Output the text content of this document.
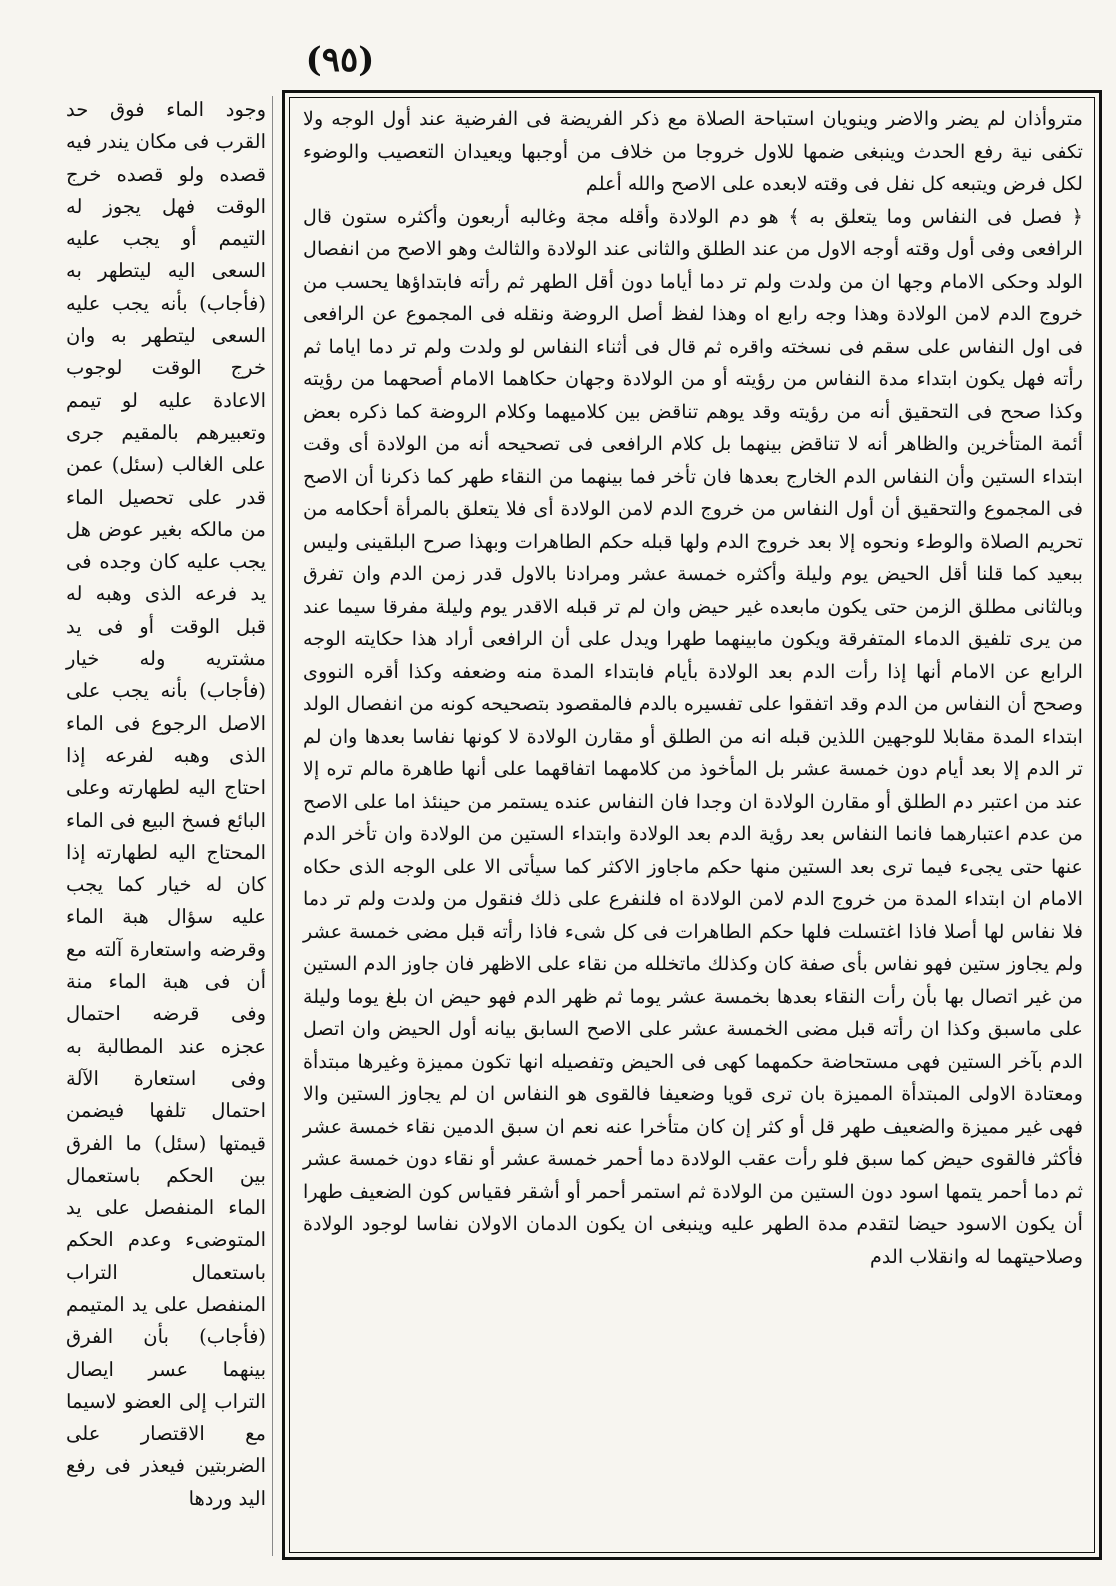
(٩٥)

متروأذان لم يضر والاضر وينويان استباحة الصلاة مع ذكر الفريضة فى الفرضية عند أول الوجه ولا تكفى نية رفع الحدث وينبغى ضمها للاول خروجا من خلاف من أوجبها ويعيدان التعصيب والوضوء لكل فرض ويتبعه كل نفل فى وقته لابعده على الاصح والله أعلم

﴿ فصل فى النفاس وما يتعلق به ﴾ هو دم الولادة وأقله مجة وغالبه أربعون وأكثره ستون قال الرافعى وفى أول وقته أوجه الاول من عند الطلق والثانى عند الولادة والثالث وهو الاصح من انفصال الولد وحكى الامام وجها ان من ولدت ولم تر دما أياما دون أقل الطهر ثم رأته فابتداؤها يحسب من خروج الدم لامن الولادة وهذا وجه رابع اه وهذا لفظ أصل الروضة ونقله فى المجموع عن الرافعى فى اول النفاس على سقم فى نسخته واقره ثم قال فى أثناء النفاس لو ولدت ولم تر دما اياما ثم رأته فهل يكون ابتداء مدة النفاس من رؤيته أو من الولادة وجهان حكاهما الامام أصحهما من رؤيته وكذا صحح فى التحقيق أنه من رؤيته وقد يوهم تناقض بين كلاميهما وكلام الروضة كما ذكره بعض أئمة المتأخرين والظاهر أنه لا تناقض بينهما بل كلام الرافعى فى تصحيحه أنه من الولادة أى وقت ابتداء الستين وأن النفاس الدم الخارج بعدها فان تأخر فما بينهما من النقاء طهر كما ذكرنا أن الاصح فى المجموع والتحقيق أن أول النفاس من خروج الدم لامن الولادة أى فلا يتعلق بالمرأة أحكامه من تحريم الصلاة والوطء ونحوه إلا بعد خروج الدم ولها قبله حكم الطاهرات وبهذا صرح البلقينى وليس ببعيد كما قلنا أقل الحيض يوم وليلة وأكثره خمسة عشر ومرادنا بالاول قدر زمن الدم وان تفرق وبالثانى مطلق الزمن حتى يكون مابعده غير حيض وان لم تر قبله الاقدر يوم وليلة مفرقا سيما عند من يرى تلفيق الدماء المتفرقة ويكون مابينهما طهرا ويدل على أن الرافعى أراد هذا حكايته الوجه الرابع عن الامام أنها إذا رأت الدم بعد الولادة بأيام فابتداء المدة منه وضعفه وكذا أقره النووى وصحح أن النفاس من الدم وقد اتفقوا على تفسيره بالدم فالمقصود بتصحيحه كونه من انفصال الولد ابتداء المدة مقابلا للوجهين اللذين قبله انه من الطلق أو مقارن الولادة لا كونها نفاسا بعدها وان لم تر الدم إلا بعد أيام دون خمسة عشر بل المأخوذ من كلامهما اتفاقهما على أنها طاهرة مالم تره إلا عند من اعتبر دم الطلق أو مقارن الولادة ان وجدا فان النفاس عنده يستمر من حينئذ اما على الاصح من عدم اعتبارهما فانما النفاس بعد رؤية الدم بعد الولادة وابتداء الستين من الولادة وان تأخر الدم عنها حتى يجىء فيما ترى بعد الستين منها حكم ماجاوز الاكثر كما سيأتى الا على الوجه الذى حكاه الامام ان ابتداء المدة من خروج الدم لامن الولادة اه فلنفرع على ذلك فنقول من ولدت ولم تر دما فلا نفاس لها أصلا فاذا اغتسلت فلها حكم الطاهرات فى كل شىء فاذا رأته قبل مضى خمسة عشر ولم يجاوز ستين فهو نفاس بأى صفة كان وكذلك ماتخلله من نقاء على الاظهر فان جاوز الدم الستين من غير اتصال بها بأن رأت النقاء بعدها بخمسة عشر يوما ثم ظهر الدم فهو حيض ان بلغ يوما وليلة على ماسبق وكذا ان رأته قبل مضى الخمسة عشر على الاصح السابق بيانه أول الحيض وان اتصل الدم بآخر الستين فهى مستحاضة حكمهما كهى فى الحيض وتفصيله انها تكون مميزة وغيرها مبتدأة ومعتادة الاولى المبتدأة المميزة بان ترى قويا وضعيفا فالقوى هو النفاس ان لم يجاوز الستين والا فهى غير مميزة والضعيف طهر قل أو كثر إن كان متأخرا عنه نعم ان سبق الدمين نقاء خمسة عشر فأكثر فالقوى حيض كما سبق فلو رأت عقب الولادة دما أحمر خمسة عشر أو نقاء دون خمسة عشر ثم دما أحمر يتمها اسود دون الستين من الولادة ثم استمر أحمر أو أشقر فقياس كون الضعيف طهرا أن يكون الاسود حيضا لتقدم مدة الطهر عليه وينبغى ان يكون الدمان الاولان نفاسا لوجود الولادة وصلاحيتهما له وانقلاب الدم

وجود الماء فوق حد القرب فى مكان يندر فيه قصده ولو قصده خرج الوقت فهل يجوز له التيمم أو يجب عليه السعى اليه ليتطهر به (فأجاب) بأنه يجب عليه السعى ليتطهر به وان خرج الوقت لوجوب الاعادة عليه لو تيمم وتعبيرهم بالمقيم جرى على الغالب (سئل) عمن قدر على تحصيل الماء من مالكه بغير عوض هل يجب عليه كان وجده فى يد فرعه الذى وهبه له قبل الوقت أو فى يد مشتريه وله خيار (فأجاب) بأنه يجب على الاصل الرجوع فى الماء الذى وهبه لفرعه إذا احتاج اليه لطهارته وعلى البائع فسخ البيع فى الماء المحتاج اليه لطهارته إذا كان له خيار كما يجب عليه سؤال هبة الماء وقرضه واستعارة آلته مع أن فى هبة الماء منة وفى قرضه احتمال عجزه عند المطالبة به وفى استعارة الآلة احتمال تلفها فيضمن قيمتها (سئل) ما الفرق بين الحكم باستعمال الماء المنفصل على يد المتوضىء وعدم الحكم باستعمال التراب المنفصل على يد المتيمم (فأجاب) بأن الفرق بينهما عسر ايصال التراب إلى العضو لاسيما مع الاقتصار على الضربتين فيعذر فى رفع اليد وردها
